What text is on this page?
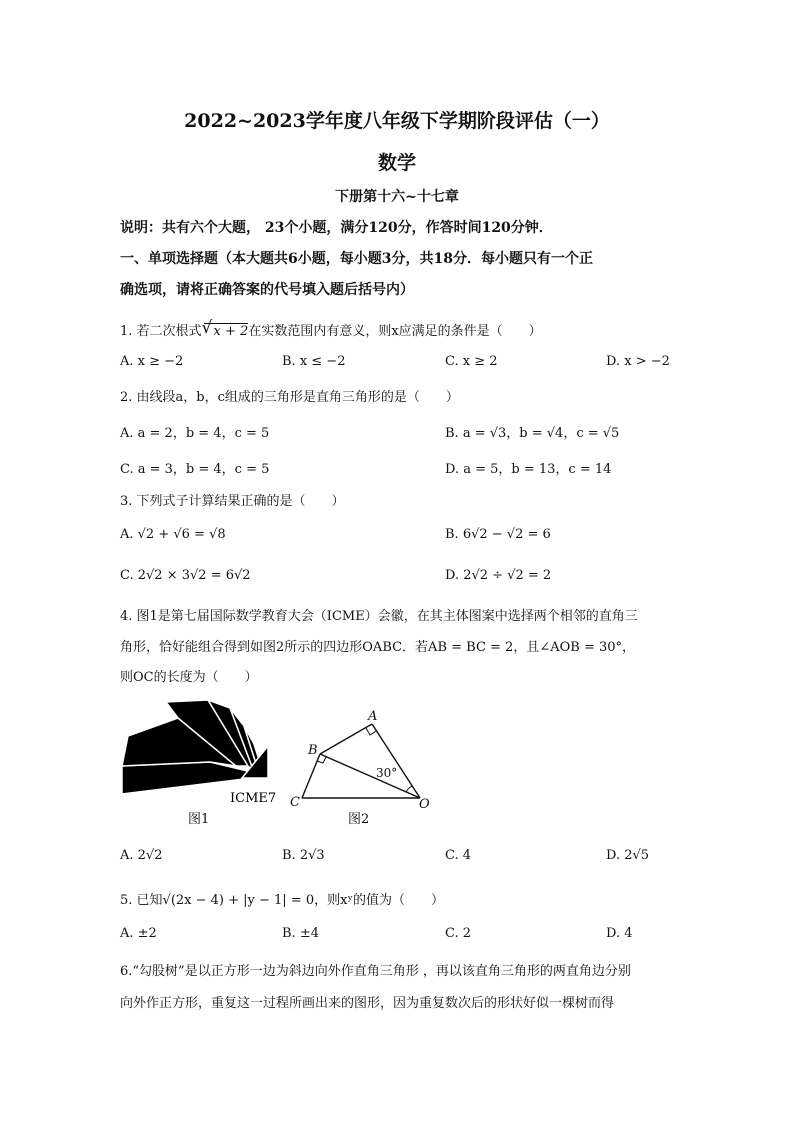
2022~2023学年度八年级下学期阶段评估（一）
数学
下册第十六~十七章
说明：共有六个大题， 23个小题，满分120分，作答时间120分钟．
一、单项选择题（本大题共6小题，每小题3分，共18分．每小题只有一个正
确选项，请将正确答案的代号填入题后括号内）
1. 若二次根式 √ x + 2在实数范围内有意义，则x应满足的条件是（　　）
A. x ≥ −2	B. x ≤ −2	C. x ≥ 2	D. x > −2
2. 由线段a，b，c组成的三角形是直角三角形的是（　　）
A. a = 2，b = 4，c = 5	B. a = √3，b = √4，c = √5
C. a = 3，b = 4，c = 5	D. a = 5，b = 13，c = 14
3. 下列式子计算结果正确的是（　　）
A. √2 + √6 = √8	B. 6√2 − √2 = 6
C. 2√2 × 3√2 = 6√2	D. 2√2 ÷ √2 = 2
4. 图1是第七届国际数学教育大会（ICME）会徽，在其主体图案中选择两个相邻的直角三
角形，恰好能组合得到如图2所示的四边形OABC．若AB = BC = 2，且∠AOB = 30°，
则OC的长度为（　　）
ICME7
图1
A
B
C	O
30°
图2
A. 2√2	B. 2√3	C. 4	D. 2√5
5. 已知√(2x − 4) + |y − 1| = 0，则xʸ的值为（　　）
A. ±2	B. ±4	C. 2	D. 4
6.“勾股树”是以正方形一边为斜边向外作直角三角形 ，再以该直角三角形的两直角边分别
向外作正方形，重复这一过程所画出来的图形，因为重复数次后的形状好似一棵树而得
